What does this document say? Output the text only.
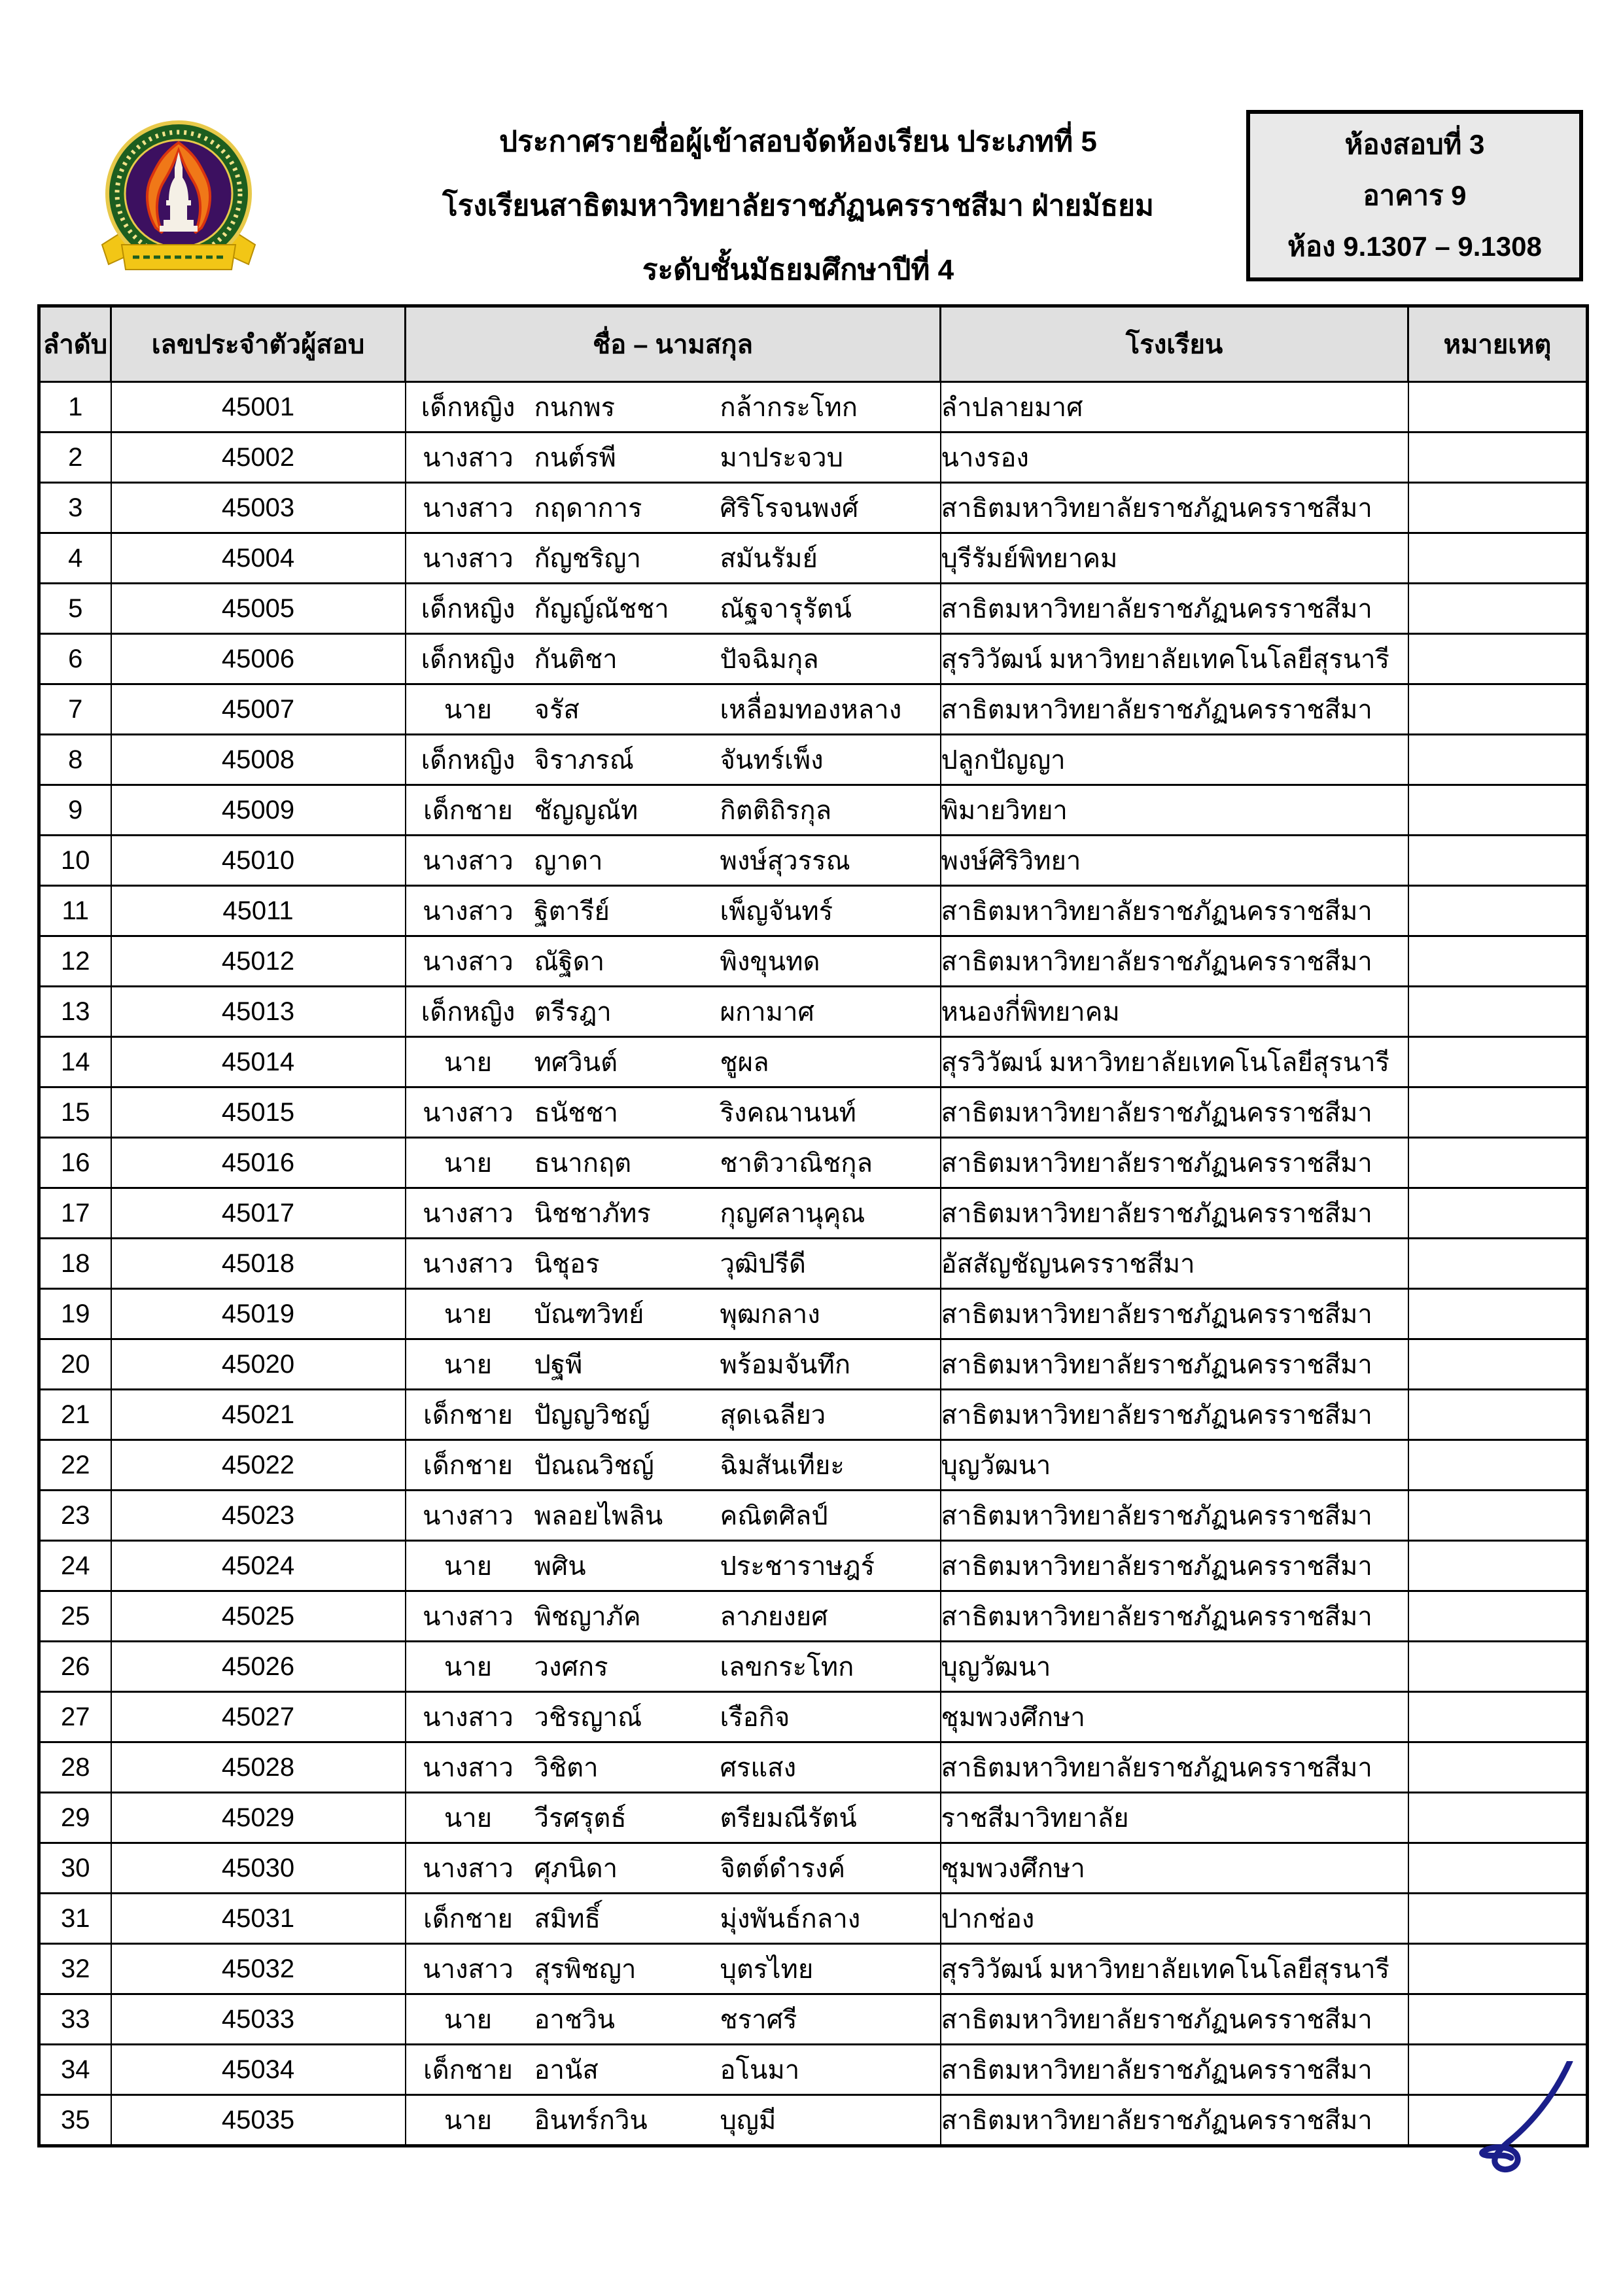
ประกาศรายชื่อผู้เข้าสอบจัดห้องเรียน ประเภทที่ 5
โรงเรียนสาธิตมหาวิทยาลัยราชภัฏนครราชสีมา ฝ่ายมัธยม
ระดับชั้นมัธยมศึกษาปีที่ 4
ห้องสอบที่ 3
อาคาร 9
ห้อง 9.1307 – 9.1308
ลำดับ	เลขประจำตัวผู้สอบ	ชื่อ – นามสกุล	โรงเรียน	หมายเหตุ
1	45001	เด็กหญิง กนกพร กล้ากระโทก	ลำปลายมาศ	
2	45002	นางสาว กนต์รพี มาประจวบ	นางรอง	
3	45003	นางสาว กฤดาการ ศิริโรจนพงศ์	สาธิตมหาวิทยาลัยราชภัฏนครราชสีมา	
4	45004	นางสาว กัญชริญา สมันรัมย์	บุรีรัมย์พิทยาคม	
5	45005	เด็กหญิง กัญญ์ณัชชา ณัฐจารุรัตน์	สาธิตมหาวิทยาลัยราชภัฏนครราชสีมา	
6	45006	เด็กหญิง กันติชา ปัจฉิมกุล	สุรวิวัฒน์ มหาวิทยาลัยเทคโนโลยีสุรนารี	
7	45007	นาย จรัส เหลื่อมทองหลาง	สาธิตมหาวิทยาลัยราชภัฏนครราชสีมา	
8	45008	เด็กหญิง จิราภรณ์ จันทร์เพ็ง	ปลูกปัญญา	
9	45009	เด็กชาย ชัญญณัท กิตติถิรกุล	พิมายวิทยา	
10	45010	นางสาว ญาดา พงษ์สุวรรณ	พงษ์ศิริวิทยา	
11	45011	นางสาว ฐิตารีย์ เพ็ญจันทร์	สาธิตมหาวิทยาลัยราชภัฏนครราชสีมา	
12	45012	นางสาว ณัฐิดา พิงขุนทด	สาธิตมหาวิทยาลัยราชภัฏนครราชสีมา	
13	45013	เด็กหญิง ตรีรฎา ผกามาศ	หนองกี่พิทยาคม	
14	45014	นาย ทศวินต์ ชูผล	สุรวิวัฒน์ มหาวิทยาลัยเทคโนโลยีสุรนารี	
15	45015	นางสาว ธนัชชา ริงคณานนท์	สาธิตมหาวิทยาลัยราชภัฏนครราชสีมา	
16	45016	นาย ธนากฤต ชาติวาณิชกุล	สาธิตมหาวิทยาลัยราชภัฏนครราชสีมา	
17	45017	นางสาว นิชชาภัทร กุญศลานุคุณ	สาธิตมหาวิทยาลัยราชภัฏนครราชสีมา	
18	45018	นางสาว นิชุอร วุฒิปรีดี	อัสสัญชัญนครราชสีมา	
19	45019	นาย บัณฑวิทย์ พุฒกลาง	สาธิตมหาวิทยาลัยราชภัฏนครราชสีมา	
20	45020	นาย ปฐพี พร้อมจันทึก	สาธิตมหาวิทยาลัยราชภัฏนครราชสีมา	
21	45021	เด็กชาย ปัญญวิชญ์ สุดเฉลียว	สาธิตมหาวิทยาลัยราชภัฏนครราชสีมา	
22	45022	เด็กชาย ปัณณวิชญ์ ฉิมสันเทียะ	บุญวัฒนา	
23	45023	นางสาว พลอยไพลิน คณิตศิลป์	สาธิตมหาวิทยาลัยราชภัฏนครราชสีมา	
24	45024	นาย พศิน ประชาราษฎร์	สาธิตมหาวิทยาลัยราชภัฏนครราชสีมา	
25	45025	นางสาว พิชญาภัค ลาภยงยศ	สาธิตมหาวิทยาลัยราชภัฏนครราชสีมา	
26	45026	นาย วงศกร เลขกระโทก	บุญวัฒนา	
27	45027	นางสาว วชิรญาณ์ เรือกิจ	ชุมพวงศึกษา	
28	45028	นางสาว วิชิตา ศรแสง	สาธิตมหาวิทยาลัยราชภัฏนครราชสีมา	
29	45029	นาย วีรศรุตธ์ ตรียมณีรัตน์	ราชสีมาวิทยาลัย	
30	45030	นางสาว ศุภนิดา จิตต์ดำรงค์	ชุมพวงศึกษา	
31	45031	เด็กชาย สมิทธิ์ มุ่งพันธ์กลาง	ปากช่อง	
32	45032	นางสาว สุรพิชญา บุตรไทย	สุรวิวัฒน์ มหาวิทยาลัยเทคโนโลยีสุรนารี	
33	45033	นาย อาชวิน ชราศรี	สาธิตมหาวิทยาลัยราชภัฏนครราชสีมา	
34	45034	เด็กชาย อานัส อโนมา	สาธิตมหาวิทยาลัยราชภัฏนครราชสีมา	
35	45035	นาย อินทร์กวิน บุญมี	สาธิตมหาวิทยาลัยราชภัฏนครราชสีมา	
